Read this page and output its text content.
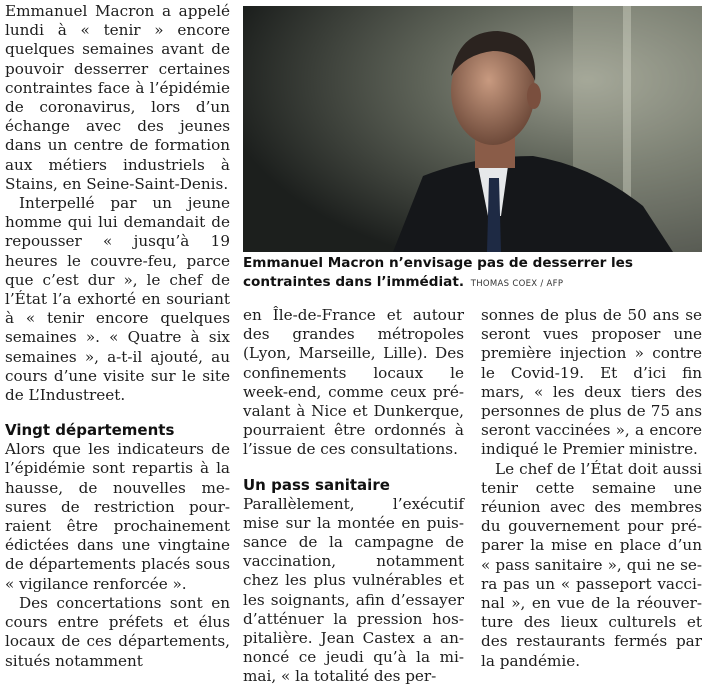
Emmanuel Macron a appelé lundi à « tenir » encore quelques semaines avant de pouvoir desserrer certaines contraintes face à l’épidémie de coronavirus, lors d’un échange avec des jeunes dans un centre de formation aux métiers industriels à Stains, en Seine-Saint-Denis.

Interpellé par un jeune homme qui lui demandait de repousser « jusqu’à 19 heures le couvre-feu, parce que c’est dur », le chef de l’État l’a exhorté en souriant à « tenir encore quelques semaines ». « Quatre à six semaines », a-t-il ajouté, au cours d’une visite sur le site de L’Industreet.

Vingt départements

Alors que les indicateurs de l’épidémie sont repartis à la hausse, de nouvelles mesures de restriction pourraient être prochainement édictées dans une vingtaine de départements placés sous « vigilance renforcée ».

Des concertations sont en cours entre préfets et élus locaux de ces départements, situés notamment

Emmanuel Macron n’envisage pas de desserrer les contraintes dans l’immédiat. THOMAS COEX / AFP

en Île-de-France et autour des grandes métropoles (Lyon, Marseille, Lille). Des confinements locaux le week-end, comme ceux prévalant à Nice et Dunkerque, pourraient être ordonnés à l’issue de ces consultations.

Un pass sanitaire

Parallèlement, l’exécutif mise sur la montée en puissance de la campagne de vaccination, notamment chez les plus vulnérables et les soignants, afin d’essayer d’atténuer la pression hospitalière. Jean Castex a annoncé ce jeudi qu’à la mi-mai, « la totalité des per-

sonnes de plus de 50 ans se seront vues proposer une première injection » contre le Covid-19. Et d’ici fin mars, « les deux tiers des personnes de plus de 75 ans seront vaccinées », a encore indiqué le Premier ministre.

Le chef de l’État doit aussi tenir cette semaine une réunion avec des membres du gouvernement pour préparer la mise en place d’un « pass sanitaire », qui ne sera pas un « passeport vaccinal », en vue de la réouverture des lieux culturels et des restaurants fermés par la pandémie.
